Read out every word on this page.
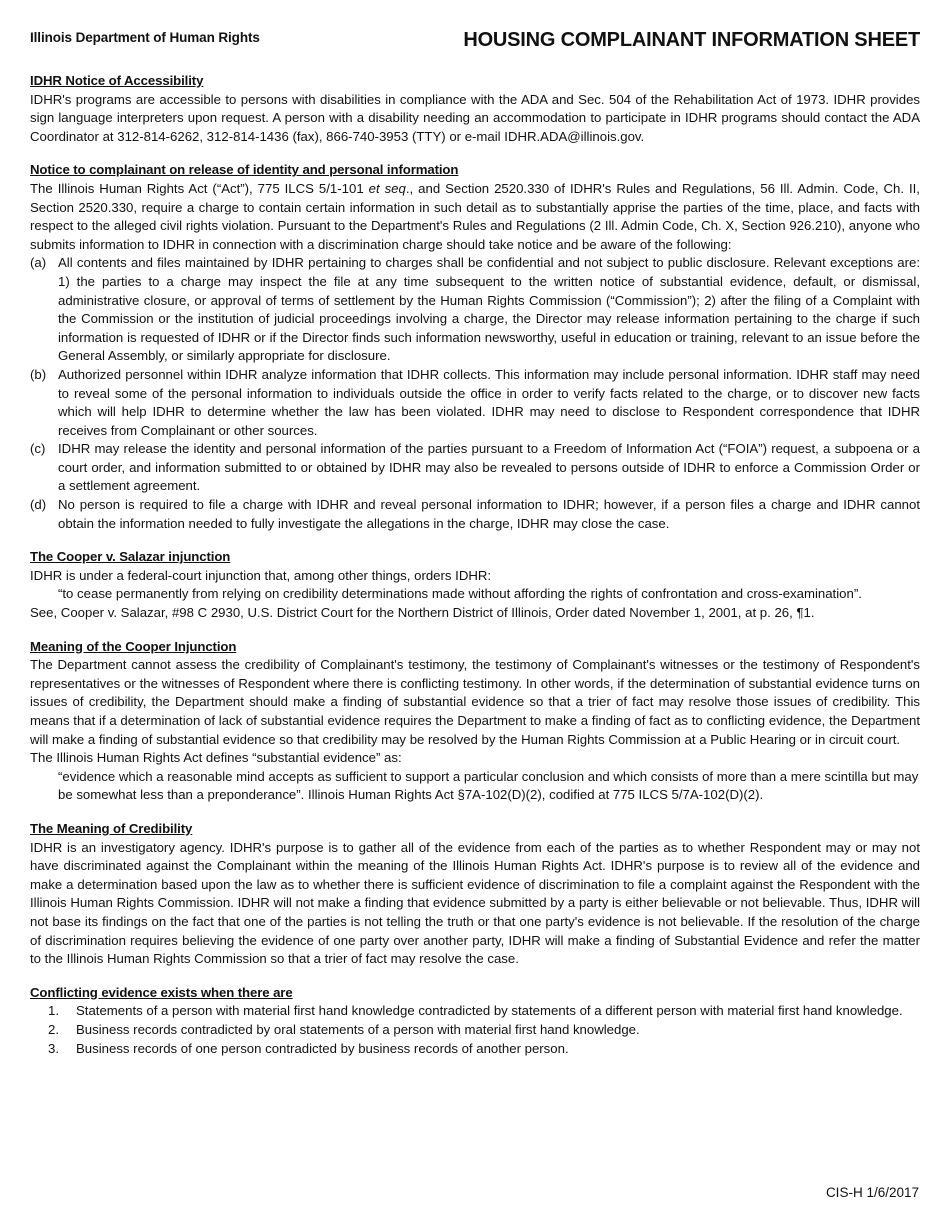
Illinois Department of Human Rights	HOUSING COMPLAINANT INFORMATION SHEET
IDHR Notice of Accessibility
IDHR's programs are accessible to persons with disabilities in compliance with the ADA and Sec. 504 of the Rehabilitation Act of 1973. IDHR provides sign language interpreters upon request. A person with a disability needing an accommodation to participate in IDHR programs should contact the ADA Coordinator at 312-814-6262, 312-814-1436 (fax), 866-740-3953 (TTY) or e-mail IDHR.ADA@illinois.gov.
Notice to complainant on release of identity and personal information
The Illinois Human Rights Act (“Act”), 775 ILCS 5/1-101 et seq., and Section 2520.330 of IDHR's Rules and Regulations, 56 Ill. Admin. Code, Ch. II, Section 2520.330, require a charge to contain certain information in such detail as to substantially apprise the parties of the time, place, and facts with respect to the alleged civil rights violation. Pursuant to the Department's Rules and Regulations (2 Ill. Admin Code, Ch. X, Section 926.210), anyone who submits information to IDHR in connection with a discrimination charge should take notice and be aware of the following:
(a) All contents and files maintained by IDHR pertaining to charges shall be confidential and not subject to public disclosure. Relevant exceptions are: 1) the parties to a charge may inspect the file at any time subsequent to the written notice of substantial evidence, default, or dismissal, administrative closure, or approval of terms of settlement by the Human Rights Commission (“Commission”); 2) after the filing of a Complaint with the Commission or the institution of judicial proceedings involving a charge, the Director may release information pertaining to the charge if such information is requested of IDHR or if the Director finds such information newsworthy, useful in education or training, relevant to an issue before the General Assembly, or similarly appropriate for disclosure.
(b) Authorized personnel within IDHR analyze information that IDHR collects. This information may include personal information. IDHR staff may need to reveal some of the personal information to individuals outside the office in order to verify facts related to the charge, or to discover new facts which will help IDHR to determine whether the law has been violated. IDHR may need to disclose to Respondent correspondence that IDHR receives from Complainant or other sources.
(c) IDHR may release the identity and personal information of the parties pursuant to a Freedom of Information Act (“FOIA”) request, a subpoena or a court order, and information submitted to or obtained by IDHR may also be revealed to persons outside of IDHR to enforce a Commission Order or a settlement agreement.
(d) No person is required to file a charge with IDHR and reveal personal information to IDHR; however, if a person files a charge and IDHR cannot obtain the information needed to fully investigate the allegations in the charge, IDHR may close the case.
The Cooper v. Salazar injunction
IDHR is under a federal-court injunction that, among other things, orders IDHR:
“to cease permanently from relying on credibility determinations made without affording the rights of confrontation and cross-examination”.
See, Cooper v. Salazar, #98 C 2930, U.S. District Court for the Northern District of Illinois, Order dated November 1, 2001, at p. 26, ¶1.
Meaning of the Cooper Injunction
The Department cannot assess the credibility of Complainant's testimony, the testimony of Complainant's witnesses or the testimony of Respondent's representatives or the witnesses of Respondent where there is conflicting testimony. In other words, if the determination of substantial evidence turns on issues of credibility, the Department should make a finding of substantial evidence so that a trier of fact may resolve those issues of credibility. This means that if a determination of lack of substantial evidence requires the Department to make a finding of fact as to conflicting evidence, the Department will make a finding of substantial evidence so that credibility may be resolved by the Human Rights Commission at a Public Hearing or in circuit court.
The Illinois Human Rights Act defines “substantial evidence” as:
“evidence which a reasonable mind accepts as sufficient to support a particular conclusion and which consists of more than a mere scintilla but may be somewhat less than a preponderance”. Illinois Human Rights Act §7A-102(D)(2), codified at 775 ILCS 5/7A-102(D)(2).
The Meaning of Credibility
IDHR is an investigatory agency. IDHR's purpose is to gather all of the evidence from each of the parties as to whether Respondent may or may not have discriminated against the Complainant within the meaning of the Illinois Human Rights Act. IDHR's purpose is to review all of the evidence and make a determination based upon the law as to whether there is sufficient evidence of discrimination to file a complaint against the Respondent with the Illinois Human Rights Commission. IDHR will not make a finding that evidence submitted by a party is either believable or not believable. Thus, IDHR will not base its findings on the fact that one of the parties is not telling the truth or that one party's evidence is not believable. If the resolution of the charge of discrimination requires believing the evidence of one party over another party, IDHR will make a finding of Substantial Evidence and refer the matter to the Illinois Human Rights Commission so that a trier of fact may resolve the case.
Conflicting evidence exists when there are
1.	Statements of a person with material first hand knowledge contradicted by statements of a different person with material first hand knowledge.
2.	Business records contradicted by oral statements of a person with material first hand knowledge.
3.	Business records of one person contradicted by business records of another person.
CIS-H 1/6/2017
